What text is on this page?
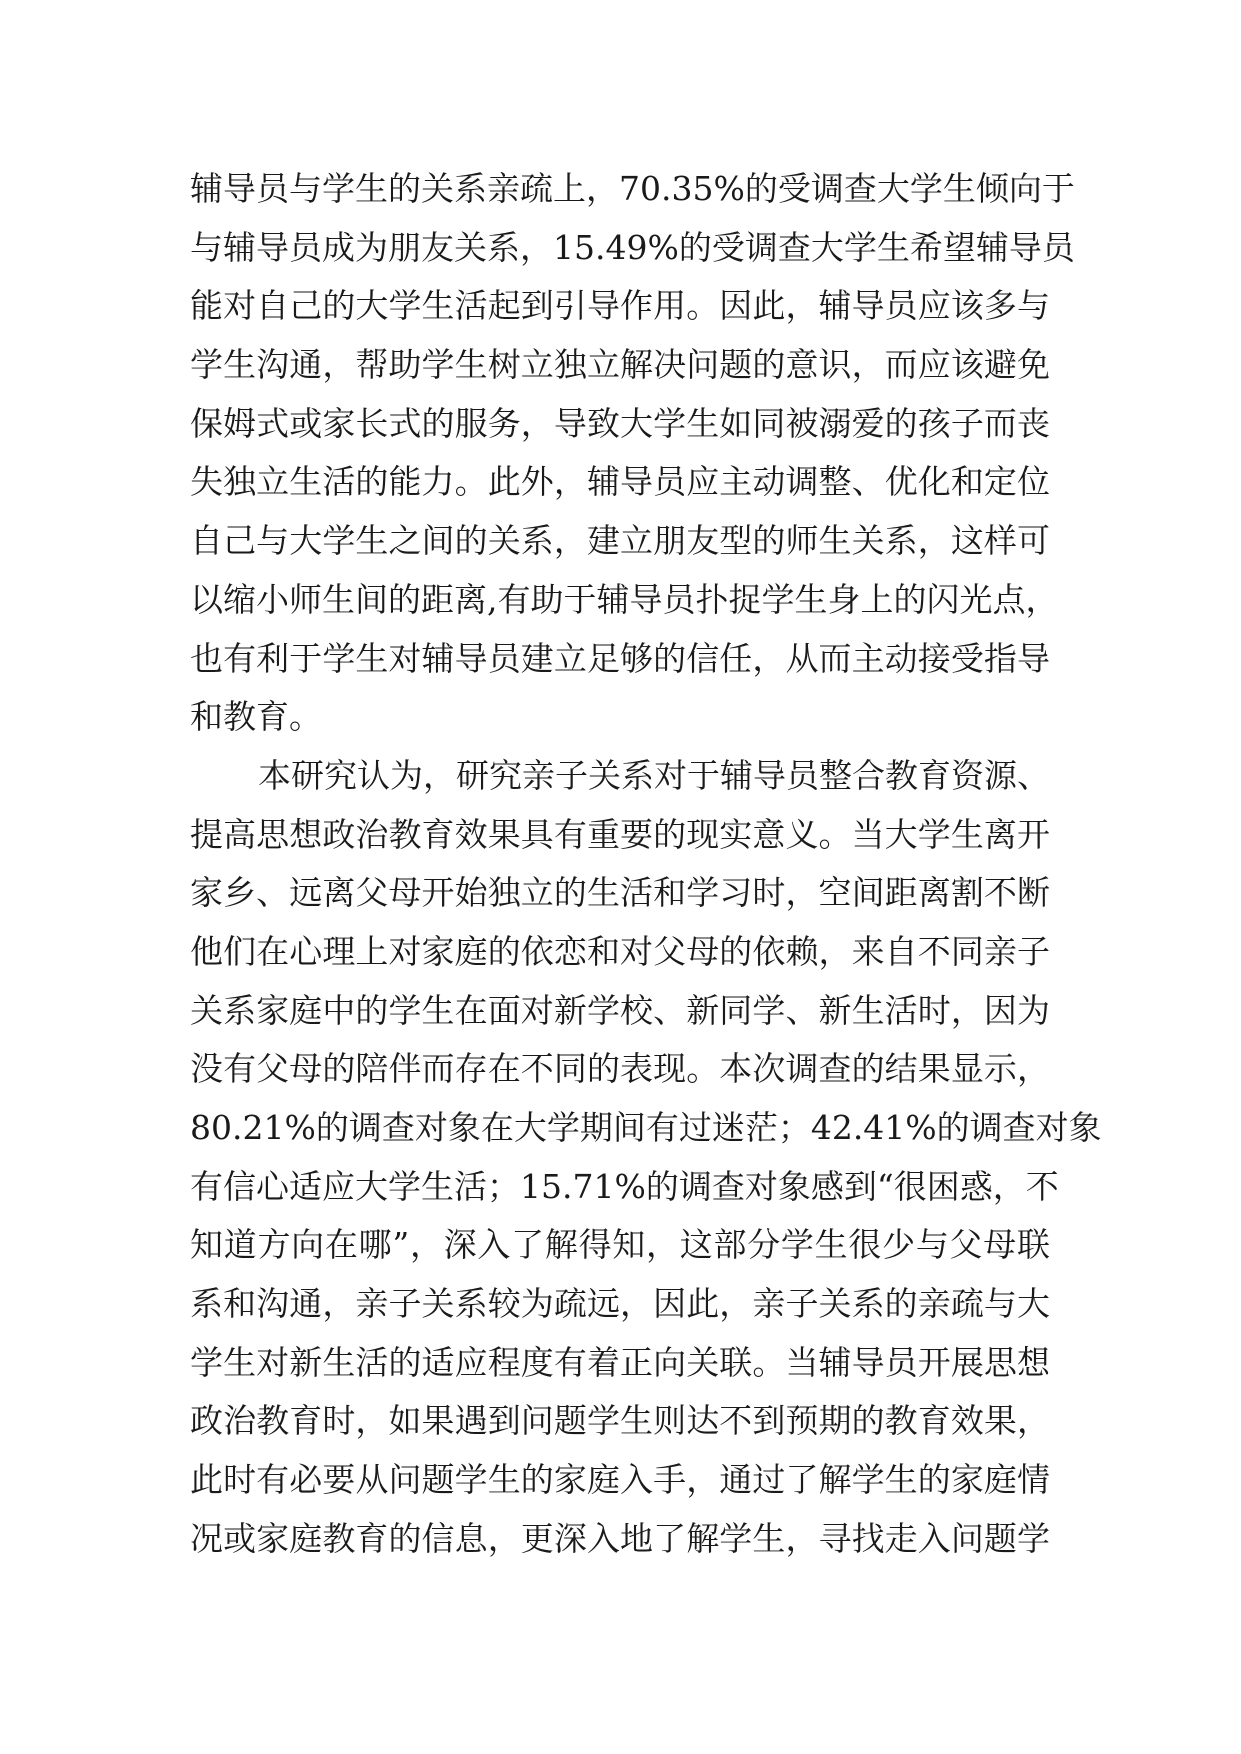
辅导员与学生的关系亲疏上，70.35%的受调查大学生倾向于
与辅导员成为朋友关系，15.49%的受调查大学生希望辅导员
能对自己的大学生活起到引导作用。因此，辅导员应该多与
学生沟通，帮助学生树立独立解决问题的意识，而应该避免
保姆式或家长式的服务，导致大学生如同被溺爱的孩子而丧
失独立生活的能力。此外，辅导员应主动调整、优化和定位
自己与大学生之间的关系，建立朋友型的师生关系，这样可
以缩小师生间的距离,有助于辅导员扑捉学生身上的闪光点，
也有利于学生对辅导员建立足够的信任，从而主动接受指导
和教育。
本研究认为，研究亲子关系对于辅导员整合教育资源、
提高思想政治教育效果具有重要的现实意义。当大学生离开
家乡、远离父母开始独立的生活和学习时，空间距离割不断
他们在心理上对家庭的依恋和对父母的依赖，来自不同亲子
关系家庭中的学生在面对新学校、新同学、新生活时，因为
没有父母的陪伴而存在不同的表现。本次调查的结果显示，
80.21%的调查对象在大学期间有过迷茫；42.41%的调查对象
有信心适应大学生活；15.71%的调查对象感到“很困惑，不
知道方向在哪”，深入了解得知，这部分学生很少与父母联
系和沟通，亲子关系较为疏远，因此，亲子关系的亲疏与大
学生对新生活的适应程度有着正向关联。当辅导员开展思想
政治教育时，如果遇到问题学生则达不到预期的教育效果，
此时有必要从问题学生的家庭入手，通过了解学生的家庭情
况或家庭教育的信息，更深入地了解学生，寻找走入问题学
